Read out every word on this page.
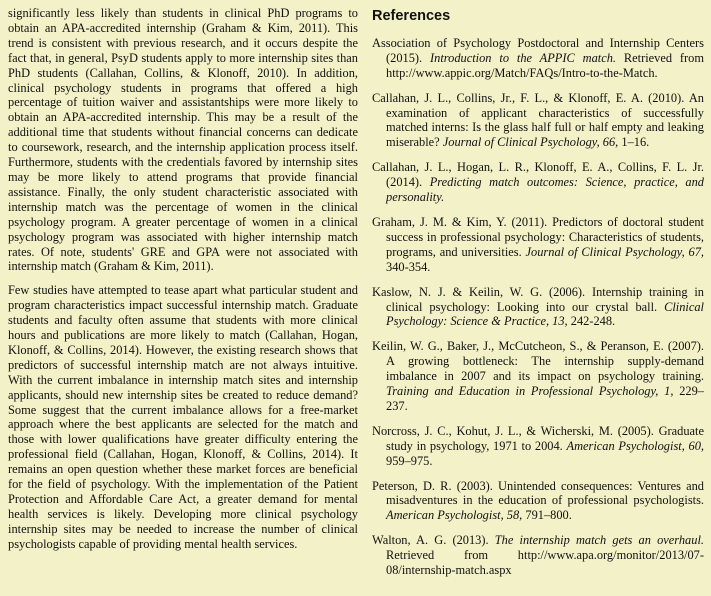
significantly less likely than students in clinical PhD programs to obtain an APA-accredited internship (Graham & Kim, 2011). This trend is consistent with previous research, and it occurs despite the fact that, in general, PsyD students apply to more internship sites than PhD students (Callahan, Collins, & Klonoff, 2010). In addition, clinical psychology students in programs that offered a high percentage of tuition waiver and assistantships were more likely to obtain an APA-accredited internship. This may be a result of the additional time that students without financial concerns can dedicate to coursework, research, and the internship application process itself. Furthermore, students with the credentials favored by internship sites may be more likely to attend programs that provide financial assistance. Finally, the only student characteristic associated with internship match was the percentage of women in the clinical psychology program. A greater percentage of women in a clinical psychology program was associated with higher internship match rates. Of note, students' GRE and GPA were not associated with internship match (Graham & Kim, 2011).

Few studies have attempted to tease apart what particular student and program characteristics impact successful internship match. Graduate students and faculty often assume that students with more clinical hours and publications are more likely to match (Callahan, Hogan, Klonoff, & Collins, 2014). However, the existing research shows that predictors of successful internship match are not always intuitive. With the current imbalance in internship match sites and internship applicants, should new internship sites be created to reduce demand? Some suggest that the current imbalance allows for a free-market approach where the best applicants are selected for the match and those with lower qualifications have greater difficulty entering the professional field (Callahan, Hogan, Klonoff, & Collins, 2014). It remains an open question whether these market forces are beneficial for the field of psychology. With the implementation of the Patient Protection and Affordable Care Act, a greater demand for mental health services is likely. Developing more clinical psychology internship sites may be needed to increase the number of clinical psychologists capable of providing mental health services.

References

Association of Psychology Postdoctoral and Internship Centers (2015). Introduction to the APPIC match. Retrieved from http://www.appic.org/Match/FAQs/Intro-to-the-Match.

Callahan, J. L., Collins, Jr., F. L., & Klonoff, E. A. (2010). An examination of applicant characteristics of successfully matched interns: Is the glass half full or half empty and leaking miserable? Journal of Clinical Psychology, 66, 1–16.

Callahan, J. L., Hogan, L. R., Klonoff, E. A., Collins, F. L. Jr. (2014). Predicting match outcomes: Science, practice, and personality.

Graham, J. M. & Kim, Y. (2011). Predictors of doctoral student success in professional psychology: Characteristics of students, programs, and universities. Journal of Clinical Psychology, 67, 340-354.

Kaslow, N. J. & Keilin, W. G. (2006). Internship training in clinical psychology: Looking into our crystal ball. Clinical Psychology: Science & Practice, 13, 242-248.

Keilin, W. G., Baker, J., McCutcheon, S., & Peranson, E. (2007). A growing bottleneck: The internship supply-demand imbalance in 2007 and its impact on psychology training. Training and Education in Professional Psychology, 1, 229–237.

Norcross, J. C., Kohut, J. L., & Wicherski, M. (2005). Graduate study in psychology, 1971 to 2004. American Psychologist, 60, 959–975.

Peterson, D. R. (2003). Unintended consequences: Ventures and misadventures in the education of professional psychologists. American Psychologist, 58, 791–800.

Walton, A. G. (2013). The internship match gets an overhaul. Retrieved from http://www.apa.org/monitor/2013/07-08/internship-match.aspx
